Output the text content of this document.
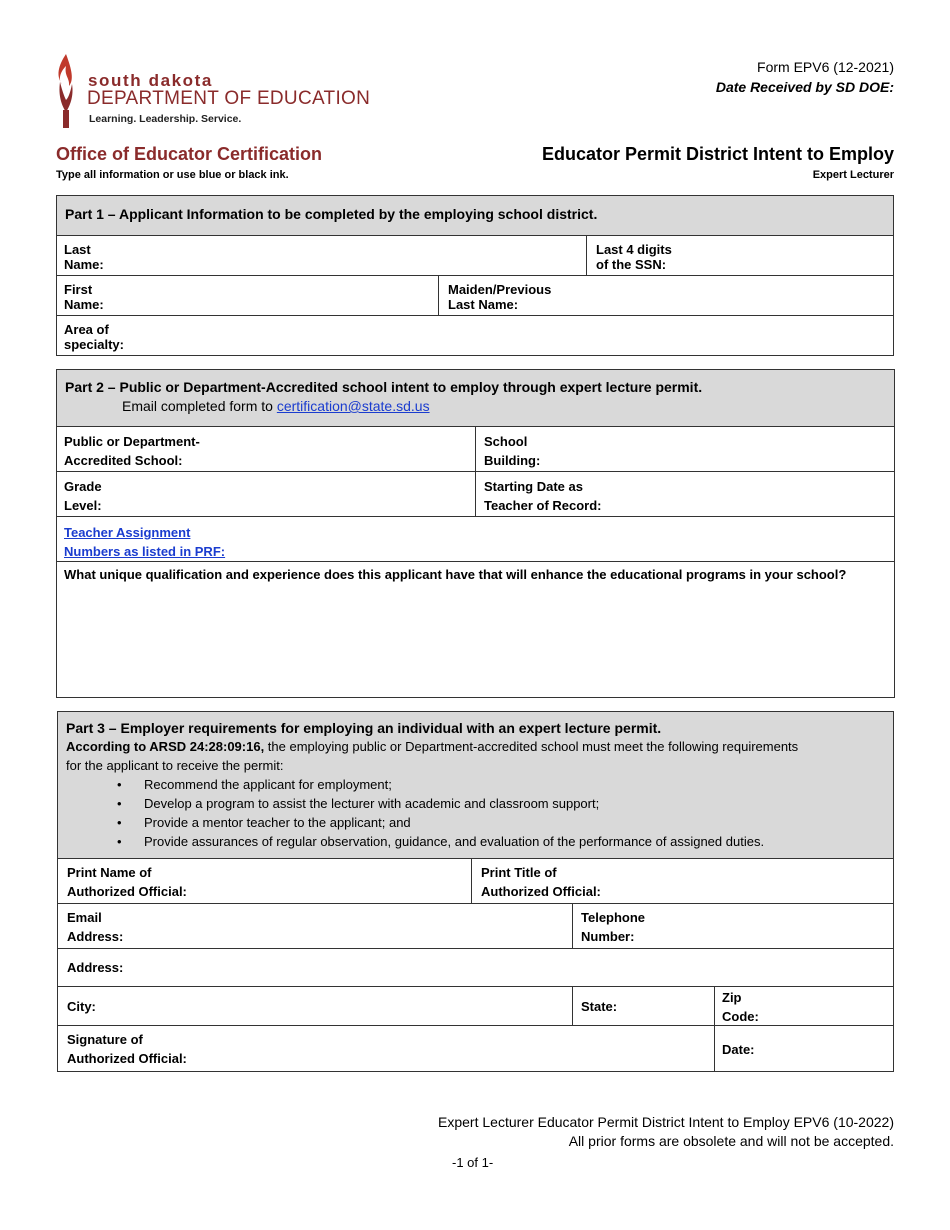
south dakota
DEPARTMENT OF EDUCATION
Learning. Leadership. Service.
Form EPV6 (12-2021)
Date Received by SD DOE:
Office of Educator Certification
Type all information or use blue or black ink.
Educator Permit District Intent to Employ
Expert Lecturer
Part 1 – Applicant Information to be completed by the employing school district.
Last
Name:
Last 4 digits
of the SSN:
First
Name:
Maiden/Previous
Last Name:
Area of
specialty:
Part 2 – Public or Department-Accredited school intent to employ through expert lecture permit.
Email completed form to certification@state.sd.us
Public or Department-
Accredited School:
School
Building:
Grade
Level:
Starting Date as
Teacher of Record:
Teacher Assignment
Numbers as listed in PRF:
What unique qualification and experience does this applicant have that will enhance the educational programs in your school?
Part 3 – Employer requirements for employing an individual with an expert lecture permit.
According to ARSD 24:28:09:16, the employing public or Department-accredited school must meet the following requirements
for the applicant to receive the permit:
• Recommend the applicant for employment;
• Develop a program to assist the lecturer with academic and classroom support;
• Provide a mentor teacher to the applicant; and
• Provide assurances of regular observation, guidance, and evaluation of the performance of assigned duties.
Print Name of
Authorized Official:
Print Title of
Authorized Official:
Email
Address:
Telephone
Number:
Address:
City:	State:
Zip
Code:
Signature of
Authorized Official:
Date:
Expert Lecturer Educator Permit District Intent to Employ EPV6 (10-2022)
All prior forms are obsolete and will not be accepted.
-1 of 1-
